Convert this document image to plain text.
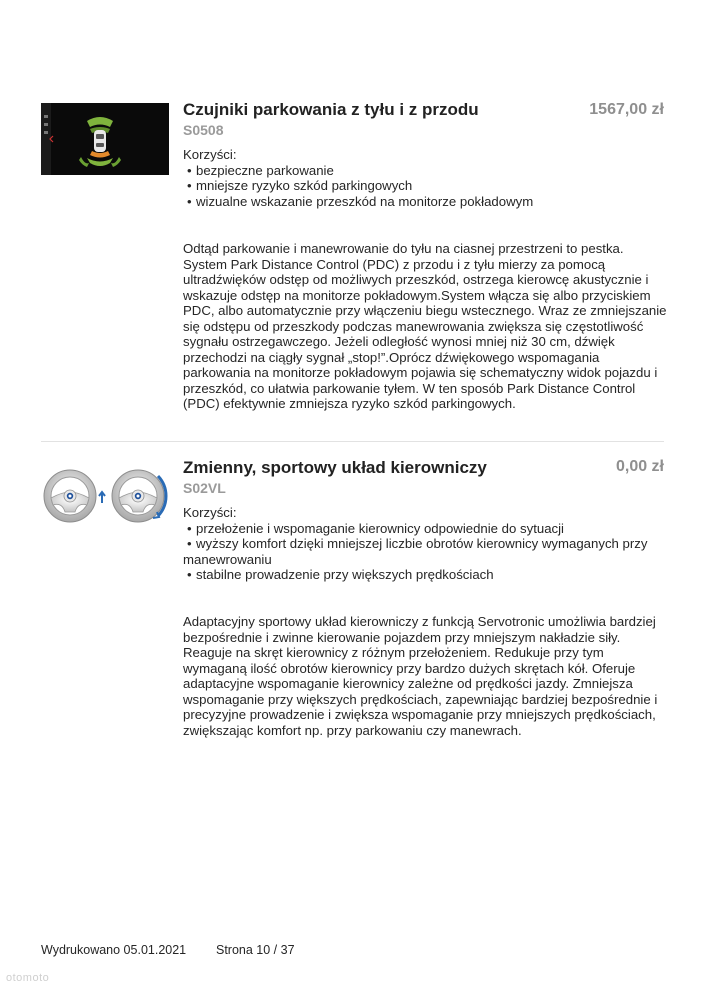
Czujniki parkowania z tyłu i z przodu
S0508
1567,00 zł
Korzyści:
• bezpieczne parkowanie
• mniejsze ryzyko szkód parkingowych
• wizualne wskazanie przeszkód na monitorze pokładowym
Odtąd parkowanie i manewrowanie do tyłu na ciasnej przestrzeni to pestka. System Park Distance Control (PDC) z przodu i z tyłu mierzy za pomocą ultradźwięków odstęp od możliwych przeszkód, ostrzega kierowcę akustycznie i wskazuje odstęp na monitorze pokładowym.System włącza się albo przyciskiem PDC, albo automatycznie przy włączeniu biegu wstecznego. Wraz ze zmniejszanie się odstępu od przeszkody podczas manewrowania zwiększa się częstotliwość sygnału ostrzegawczego. Jeżeli odległość wynosi mniej niż 30 cm, dźwięk przechodzi na ciągły sygnał „stop!”.Oprócz dźwiękowego wspomagania parkowania na monitorze pokładowym pojawia się schematyczny widok pojazdu i przeszkód, co ułatwia parkowanie tyłem. W ten sposób Park Distance Control (PDC) efektywnie zmniejsza ryzyko szkód parkingowych.
Zmienny, sportowy układ kierowniczy
S02VL
0,00 zł
Korzyści:
• przełożenie i wspomaganie kierownicy odpowiednie do sytuacji
• wyższy komfort dzięki mniejszej liczbie obrotów kierownicy wymaganych przy manewrowaniu
• stabilne prowadzenie przy większych prędkościach
Adaptacyjny sportowy układ kierowniczy z funkcją Servotronic umożliwia bardziej bezpośrednie i zwinne kierowanie pojazdem przy mniejszym nakładzie siły. Reaguje na skręt kierownicy z różnym przełożeniem. Redukuje przy tym wymaganą ilość obrotów kierownicy przy bardzo dużych skrętach kół. Oferuje adaptacyjne wspomaganie kierownicy zależne od prędkości jazdy. Zmniejsza wspomaganie przy większych prędkościach, zapewniając bardziej bezpośrednie i precyzyjne prowadzenie i zwiększa wspomaganie przy mniejszych prędkościach, zwiększając komfort np. przy parkowaniu czy manewrach.
Wydrukowano 05.01.2021 Strona 10 / 37
otomoto
